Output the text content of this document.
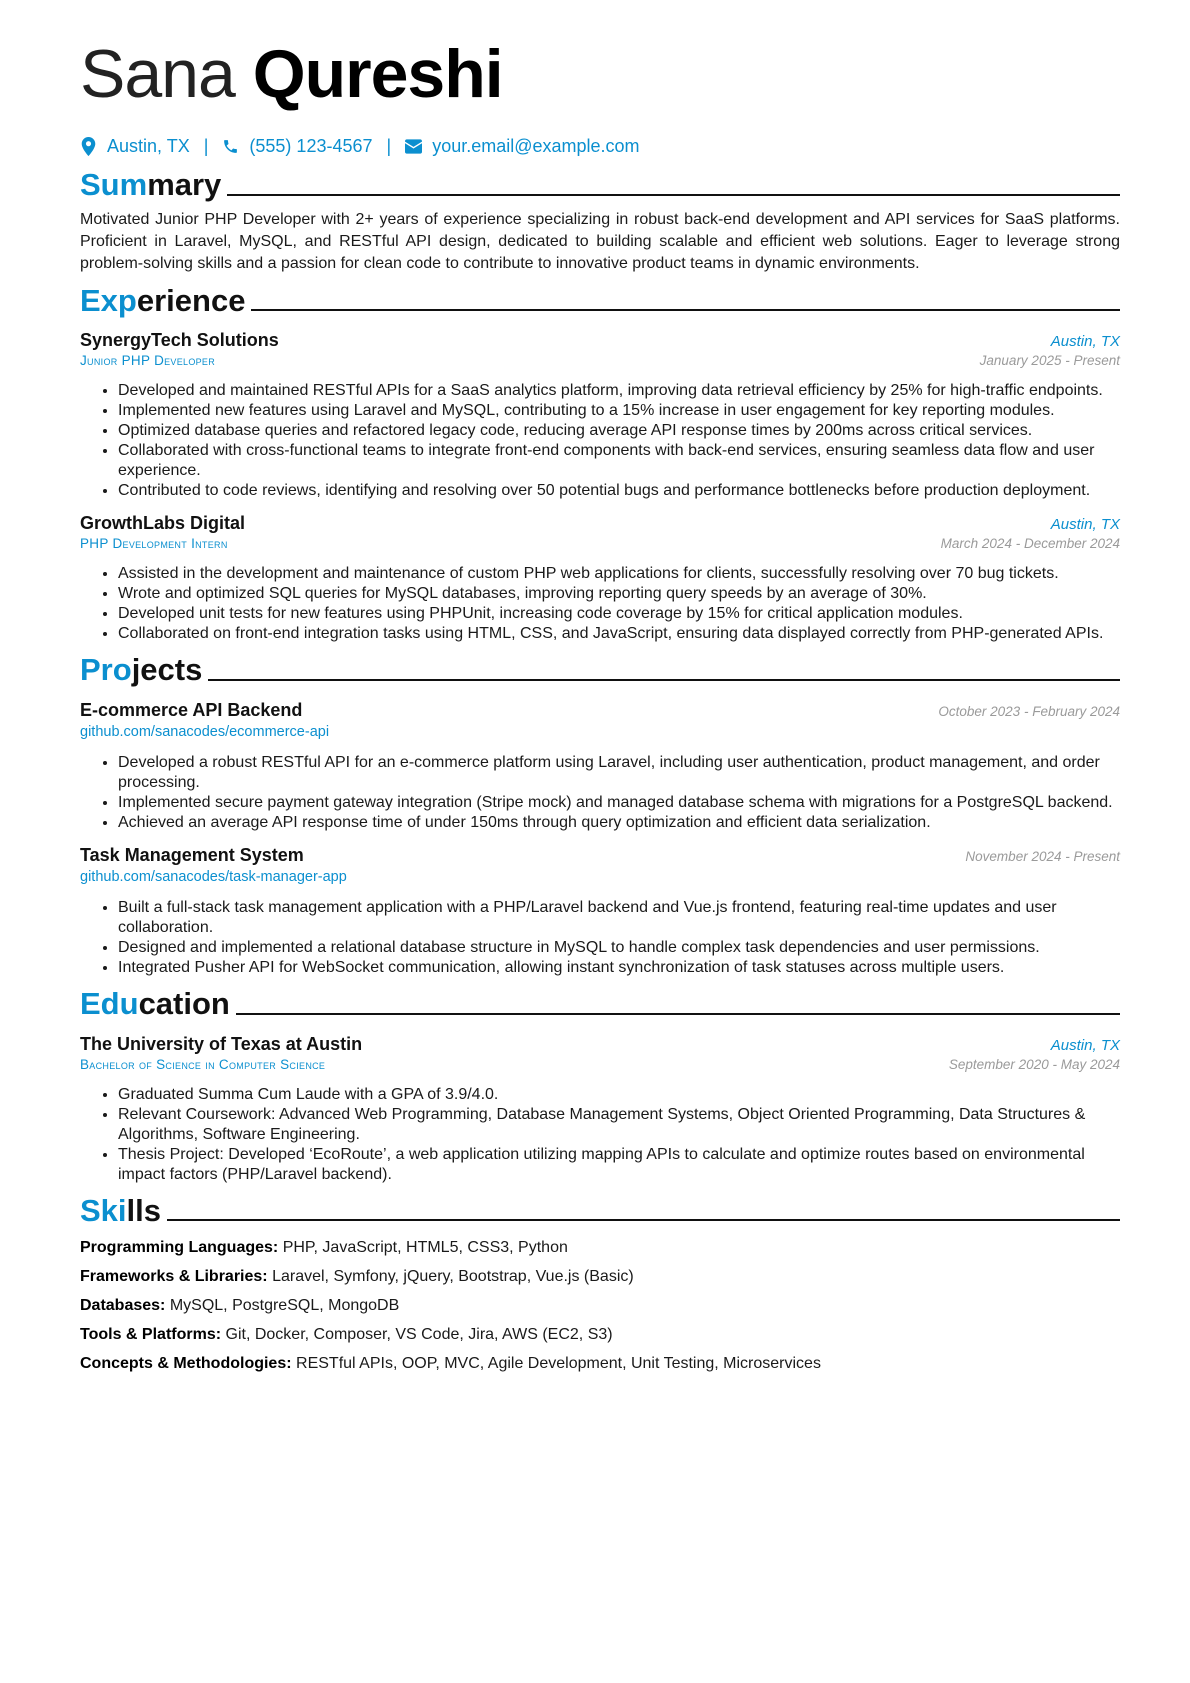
Sana Qureshi
Austin, TX | (555) 123-4567 | your.email@example.com
Summary

Motivated Junior PHP Developer with 2+ years of experience specializing in robust back-end development and API services for SaaS platforms. Proficient in Laravel, MySQL, and RESTful API design, dedicated to building scalable and efficient web solutions. Eager to leverage strong problem-solving skills and a passion for clean code to contribute to innovative product teams in dynamic environments.

Experience
SynergyTech Solutions	Austin, TX
Junior PHP Developer	January 2025 - Present
• Developed and maintained RESTful APIs for a SaaS analytics platform, improving data retrieval efficiency by 25% for high-traffic endpoints.
• Implemented new features using Laravel and MySQL, contributing to a 15% increase in user engagement for key reporting modules.
• Optimized database queries and refactored legacy code, reducing average API response times by 200ms across critical services.
• Collaborated with cross-functional teams to integrate front-end components with back-end services, ensuring seamless data flow and user experience.
• Contributed to code reviews, identifying and resolving over 50 potential bugs and performance bottlenecks before production deployment.
GrowthLabs Digital	Austin, TX
PHP Development Intern	March 2024 - December 2024
• Assisted in the development and maintenance of custom PHP web applications for clients, successfully resolving over 70 bug tickets.
• Wrote and optimized SQL queries for MySQL databases, improving reporting query speeds by an average of 30%.
• Developed unit tests for new features using PHPUnit, increasing code coverage by 15% for critical application modules.
• Collaborated on front-end integration tasks using HTML, CSS, and JavaScript, ensuring data displayed correctly from PHP-generated APIs.
Projects
E-commerce API Backend	October 2023 - February 2024
github.com/sanacodes/ecommerce-api
• Developed a robust RESTful API for an e-commerce platform using Laravel, including user authentication, product management, and order processing.
• Implemented secure payment gateway integration (Stripe mock) and managed database schema with migrations for a PostgreSQL backend.
• Achieved an average API response time of under 150ms through query optimization and efficient data serialization.
Task Management System	November 2024 - Present
github.com/sanacodes/task-manager-app
• Built a full-stack task management application with a PHP/Laravel backend and Vue.js frontend, featuring real-time updates and user collaboration.
• Designed and implemented a relational database structure in MySQL to handle complex task dependencies and user permissions.
• Integrated Pusher API for WebSocket communication, allowing instant synchronization of task statuses across multiple users.
Education
The University of Texas at Austin	Austin, TX
Bachelor of Science in Computer Science	September 2020 - May 2024
• Graduated Summa Cum Laude with a GPA of 3.9/4.0.
• Relevant Coursework: Advanced Web Programming, Database Management Systems, Object Oriented Programming, Data Structures & Algorithms, Software Engineering.
• Thesis Project: Developed ‘EcoRoute’, a web application utilizing mapping APIs to calculate and optimize routes based on environmental impact factors (PHP/Laravel backend).
Skills
Programming Languages: PHP, JavaScript, HTML5, CSS3, Python
Frameworks & Libraries: Laravel, Symfony, jQuery, Bootstrap, Vue.js (Basic)
Databases: MySQL, PostgreSQL, MongoDB
Tools & Platforms: Git, Docker, Composer, VS Code, Jira, AWS (EC2, S3)
Concepts & Methodologies: RESTful APIs, OOP, MVC, Agile Development, Unit Testing, Microservices
